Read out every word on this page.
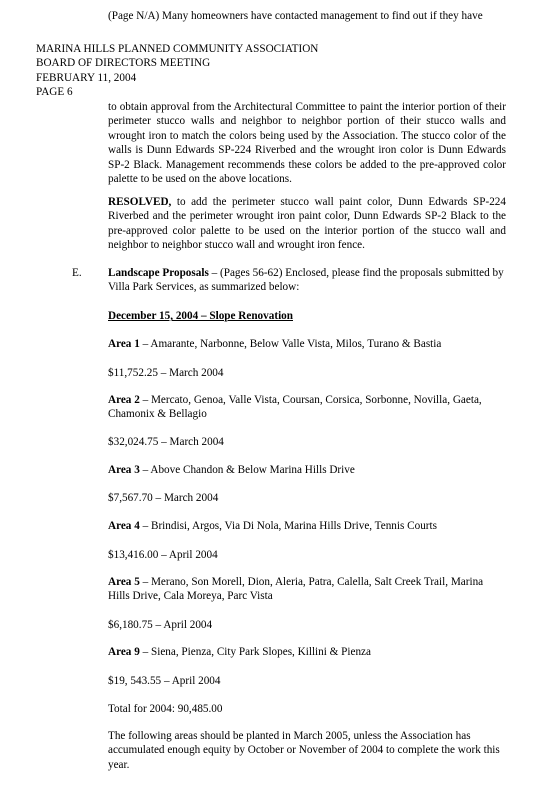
(Page N/A) Many homeowners have contacted management to find out if they have

MARINA HILLS PLANNED COMMUNITY ASSOCIATION
BOARD OF DIRECTORS MEETING
FEBRUARY 11, 2004
PAGE 6

to obtain approval from the Architectural Committee to paint the interior portion of their perimeter stucco walls and neighbor to neighbor portion of their stucco walls and wrought iron to match the colors being used by the Association. The stucco color of the walls is Dunn Edwards SP-224 Riverbed and the wrought iron color is Dunn Edwards SP-2 Black. Management recommends these colors be added to the pre-approved color palette to be used on the above locations.

RESOLVED, to add the perimeter stucco wall paint color, Dunn Edwards SP-224 Riverbed and the perimeter wrought iron paint color, Dunn Edwards SP-2 Black to the pre-approved color palette to be used on the interior portion of the stucco wall and neighbor to neighbor stucco wall and wrought iron fence.

E.	Landscape Proposals – (Pages 56-62) Enclosed, please find the proposals submitted by Villa Park Services, as summarized below:

December 15, 2004 – Slope Renovation

Area 1 – Amarante, Narbonne, Below Valle Vista, Milos, Turano & Bastia

$11,752.25 – March 2004

Area 2 – Mercato, Genoa, Valle Vista, Coursan, Corsica, Sorbonne, Novilla, Gaeta, Chamonix & Bellagio

$32,024.75 – March 2004

Area 3 – Above Chandon & Below Marina Hills Drive

$7,567.70 – March 2004

Area 4 – Brindisi, Argos, Via Di Nola, Marina Hills Drive, Tennis Courts

$13,416.00 – April 2004

Area 5 – Merano, Son Morell, Dion, Aleria, Patra, Calella, Salt Creek Trail, Marina Hills Drive, Cala Moreya, Parc Vista

$6,180.75 – April 2004

Area 9 – Siena, Pienza, City Park Slopes, Killini & Pienza

$19, 543.55 – April 2004

Total for 2004: 90,485.00

The following areas should be planted in March 2005, unless the Association has accumulated enough equity by October or November of 2004 to complete the work this year.
